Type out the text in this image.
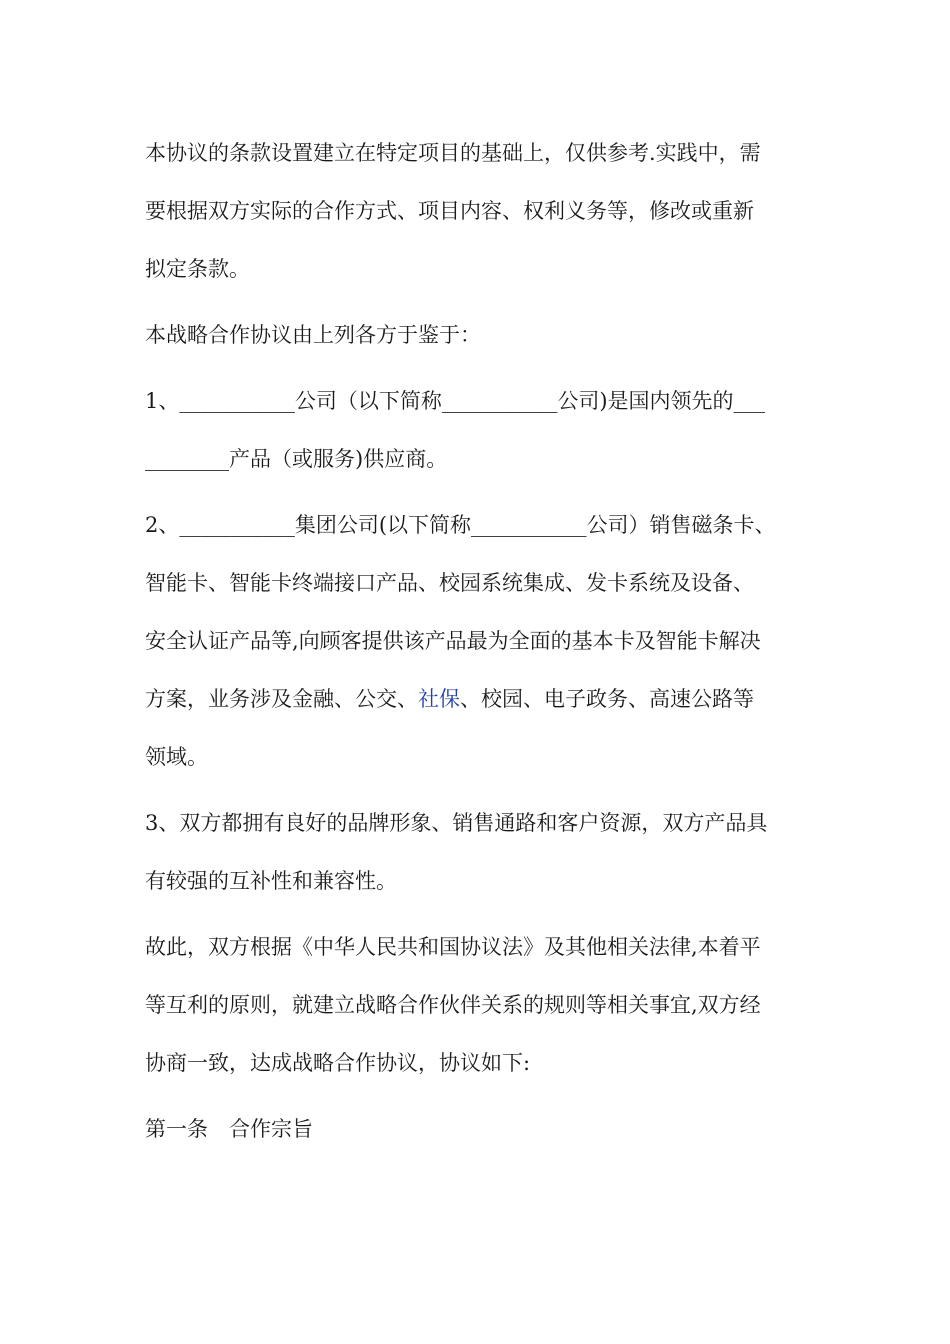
本协议的条款设置建立在特定项目的基础上，仅供参考.实践中，需
要根据双方实际的合作方式、项目内容、权利义务等，修改或重新
拟定条款。

本战略合作协议由上列各方于鉴于：

1、___________公司（以下简称___________公司)是国内领先的___
________产品（或服务)供应商。

2、___________集团公司(以下简称___________公司）销售磁条卡、
智能卡、智能卡终端接口产品、校园系统集成、发卡系统及设备、
安全认证产品等,向顾客提供该产品最为全面的基本卡及智能卡解决
方案，业务涉及金融、公交、社保、校园、电子政务、高速公路等
领域。

3、双方都拥有良好的品牌形象、销售通路和客户资源，双方产品具
有较强的互补性和兼容性。

故此，双方根据《中华人民共和国协议法》及其他相关法律,本着平
等互利的原则，就建立战略合作伙伴关系的规则等相关事宜,双方经
协商一致，达成战略合作协议，协议如下:

第一条　合作宗旨
